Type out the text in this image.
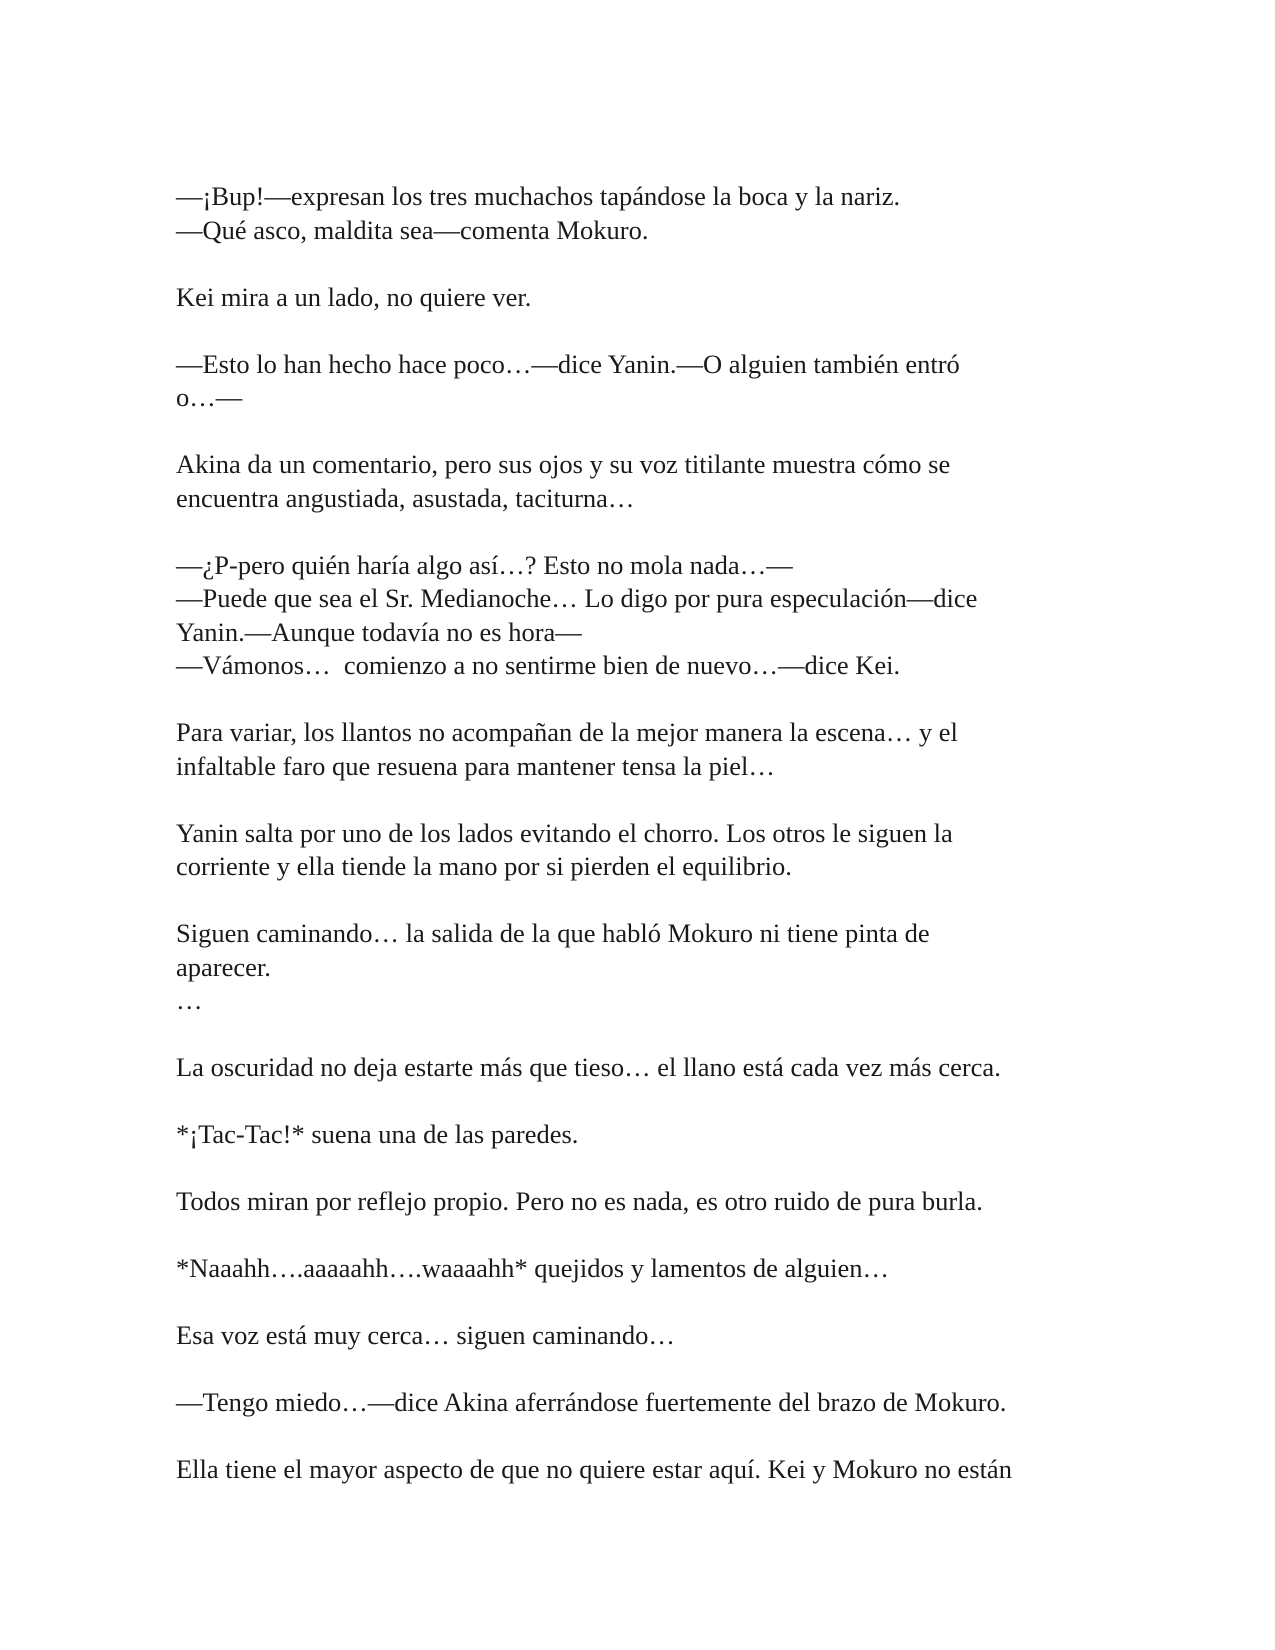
—¡Bup!—expresan los tres muchachos tapándose la boca y la nariz.
—Qué asco, maldita sea—comenta Mokuro.
Kei mira a un lado, no quiere ver.
—Esto lo han hecho hace poco…—dice Yanin.—O alguien también entró
o…—
Akina da un comentario, pero sus ojos y su voz titilante muestra cómo se
encuentra angustiada, asustada, taciturna…
—¿P-pero quién haría algo así…? Esto no mola nada…—
—Puede que sea el Sr. Medianoche… Lo digo por pura especulación—dice
Yanin.—Aunque todavía no es hora—
—Vámonos…  comienzo a no sentirme bien de nuevo…—dice Kei.
Para variar, los llantos no acompañan de la mejor manera la escena… y el
infaltable faro que resuena para mantener tensa la piel…
Yanin salta por uno de los lados evitando el chorro. Los otros le siguen la
corriente y ella tiende la mano por si pierden el equilibrio.
Siguen caminando… la salida de la que habló Mokuro ni tiene pinta de
aparecer.
…
La oscuridad no deja estarte más que tieso… el llano está cada vez más cerca.
*¡Tac-Tac!* suena una de las paredes.
Todos miran por reflejo propio. Pero no es nada, es otro ruido de pura burla.
*Naaahh….aaaaahh….waaaahh* quejidos y lamentos de alguien…
Esa voz está muy cerca… siguen caminando…
—Tengo miedo…—dice Akina aferrándose fuertemente del brazo de Mokuro.
Ella tiene el mayor aspecto de que no quiere estar aquí. Kei y Mokuro no están
